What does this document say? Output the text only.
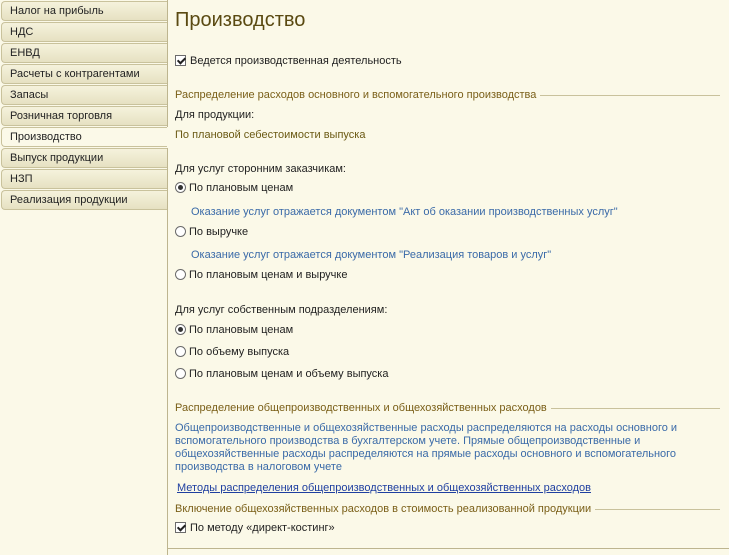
Налог на прибыль
НДС
ЕНВД
Расчеты с контрагентами
Запасы
Розничная торговля
Производство
Выпуск продукции
НЗП
Реализация продукции
Производство
Ведется производственная деятельность
Распределение расходов основного и вспомогательного производства
Для продукции:
По плановой себестоимости выпуска
Для услуг сторонним заказчикам:
По плановым ценам
Оказание услуг отражается документом "Акт об оказании производственных услуг"
По выручке
Оказание услуг отражается документом "Реализация товаров и услуг"
По плановым ценам и выручке
Для услуг собственным подразделениям:
По плановым ценам
По объему выпуска
По плановым ценам и объему выпуска
Распределение общепроизводственных и общехозяйственных расходов
Общепроизводственные и общехозяйственные расходы распределяются на расходы основного и
вспомогательного производства в бухгалтерском учете. Прямые общепроизводственные и
общехозяйственные расходы распределяются на прямые расходы основного и вспомогательного
производства в налоговом учете
Методы распределения общепроизводственных и общехозяйственных расходов
Включение общехозяйственных расходов в стоимость реализованной продукции
По методу «директ-костинг»
